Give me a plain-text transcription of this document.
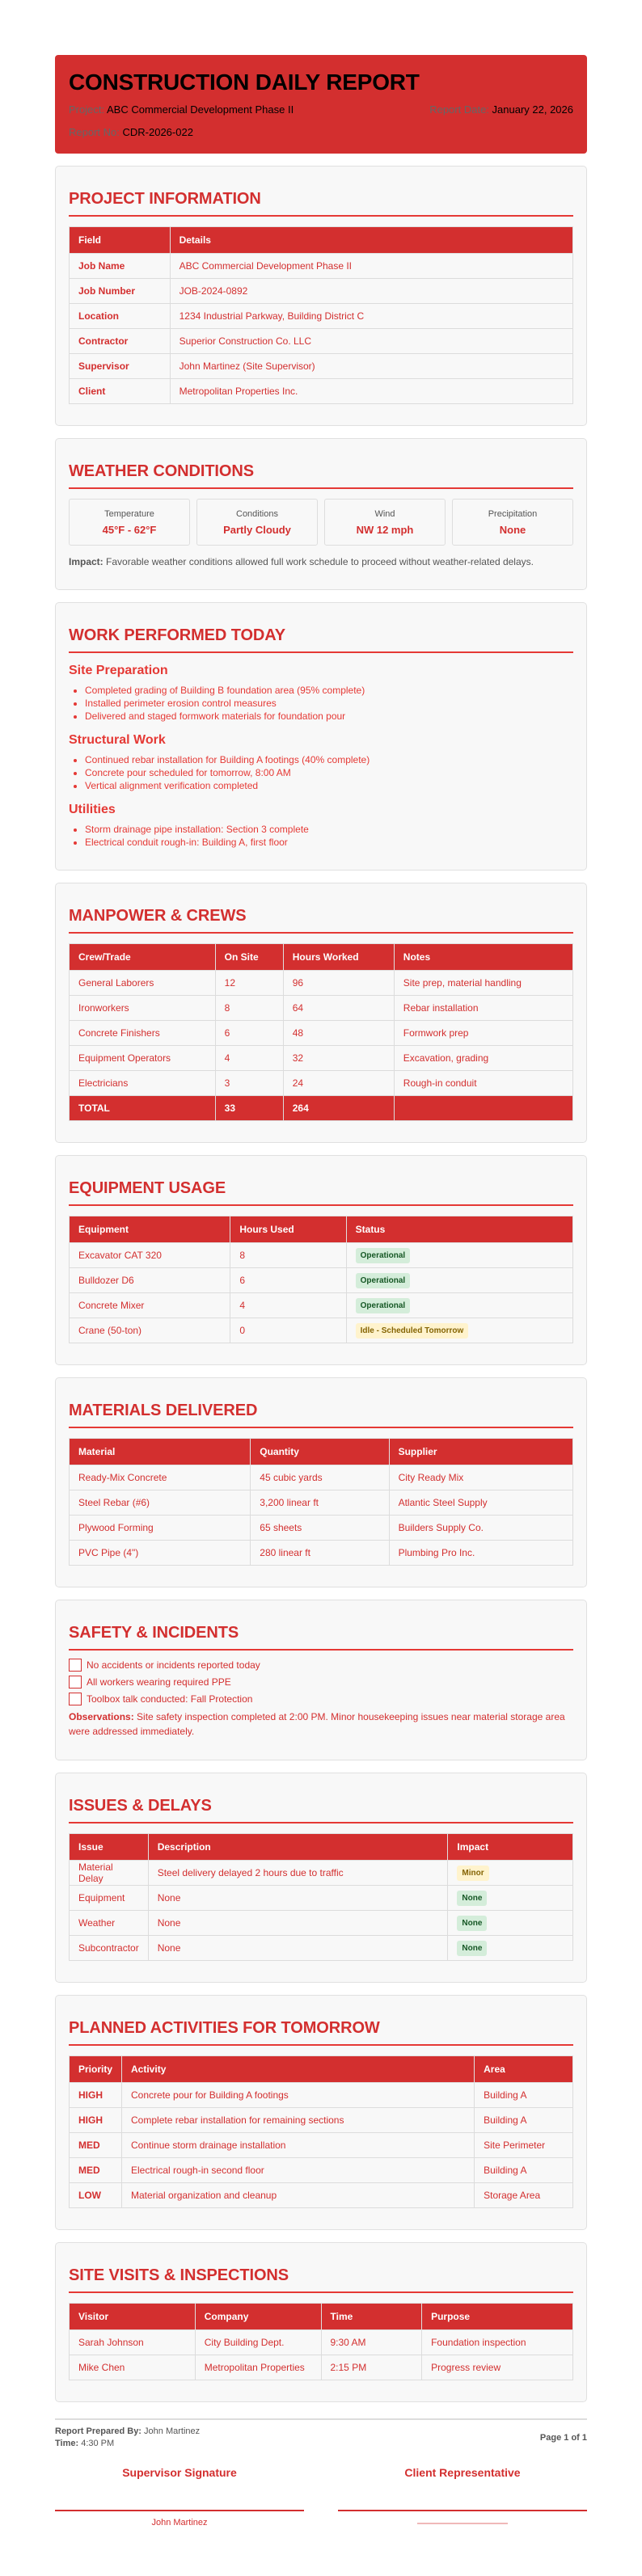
CONSTRUCTION DAILY REPORT
Project: ABC Commercial Development Phase II	Report Date: January 22, 2026
Report No: CDR-2026-022
PROJECT INFORMATION
Field	Details
Job Name	ABC Commercial Development Phase II
Job Number	JOB-2024-0892
Location	1234 Industrial Parkway, Building District C
Contractor	Superior Construction Co. LLC
Supervisor	John Martinez (Site Supervisor)
Client	Metropolitan Properties Inc.
WEATHER CONDITIONS
Temperature
45°F - 62°F
Conditions
Partly Cloudy
Wind
NW 12 mph
Precipitation
None

Impact: Favorable weather conditions allowed full work schedule to proceed without weather-related delays.

WORK PERFORMED TODAY
Site Preparation
• Completed grading of Building B foundation area (95% complete)
• Installed perimeter erosion control measures
• Delivered and staged formwork materials for foundation pour
Structural Work
• Continued rebar installation for Building A footings (40% complete)
• Concrete pour scheduled for tomorrow, 8:00 AM
• Vertical alignment verification completed
Utilities
• Storm drainage pipe installation: Section 3 complete
• Electrical conduit rough-in: Building A, first floor
MANPOWER & CREWS
Crew/Trade	On Site	Hours Worked	Notes
General Laborers	12	96	Site prep, material handling
Ironworkers	8	64	Rebar installation
Concrete Finishers	6	48	Formwork prep
Equipment Operators	4	32	Excavation, grading
Electricians	3	24	Rough-in conduit
TOTAL	33	264	
EQUIPMENT USAGE
Equipment	Hours Used	Status
Excavator CAT 320	8	Operational
Bulldozer D6	6	Operational
Concrete Mixer	4	Operational
Crane (50-ton)	0	Idle - Scheduled Tomorrow
MATERIALS DELIVERED
Material	Quantity	Supplier
Ready-Mix Concrete	45 cubic yards	City Ready Mix
Steel Rebar (#6)	3,200 linear ft	Atlantic Steel Supply
Plywood Forming	65 sheets	Builders Supply Co.
PVC Pipe (4")	280 linear ft	Plumbing Pro Inc.
SAFETY & INCIDENTS
No accidents or incidents reported today
All workers wearing required PPE
Toolbox talk conducted: Fall Protection

Observations: Site safety inspection completed at 2:00 PM. Minor housekeeping issues near material storage area were addressed immediately.

ISSUES & DELAYS
Issue	Description	Impact
Material Delay	Steel delivery delayed 2 hours due to traffic	Minor
Equipment	None	None
Weather	None	None
Subcontractor	None	None
PLANNED ACTIVITIES FOR TOMORROW
Priority	Activity	Area
HIGH	Concrete pour for Building A footings	Building A
HIGH	Complete rebar installation for remaining sections	Building A
MED	Continue storm drainage installation	Site Perimeter
MED	Electrical rough-in second floor	Building A
LOW	Material organization and cleanup	Storage Area
SITE VISITS & INSPECTIONS
Visitor	Company	Time	Purpose
Sarah Johnson	City Building Dept.	9:30 AM	Foundation inspection
Mike Chen	Metropolitan Properties	2:15 PM	Progress review
Report Prepared By: John Martinez
Time: 4:30 PM
Page 1 of 1
Supervisor Signature
John Martinez
Client Representative
